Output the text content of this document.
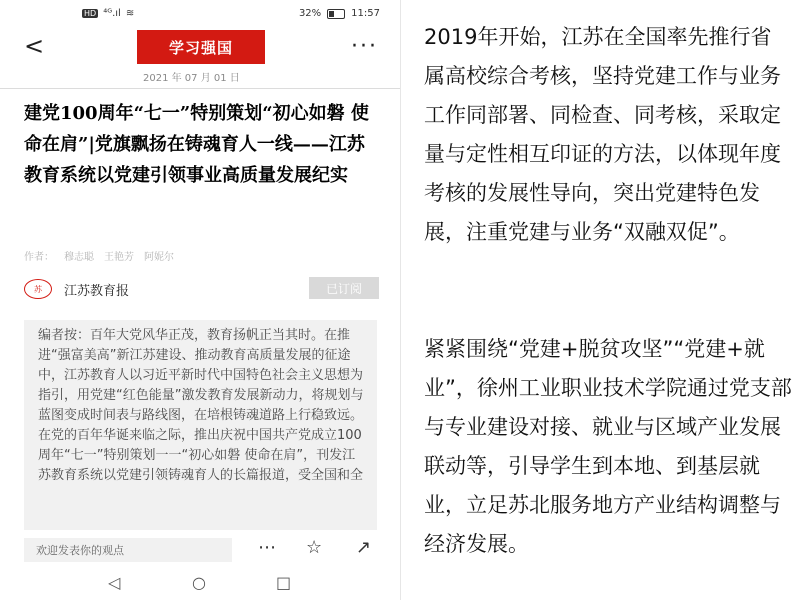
HD ⁴ᴳ.ıl ≋	32%	11:57
<	学习强国	···
2021 年 07 月 01 日
建党100周年“七一”特别策划“初心如磐 使命在肩”|党旗飘扬在铸魂育人一线——江苏教育系统以党建引领事业高质量发展纪实
作者： 穆志聪 王艳芳 阿妮尔
苏	江苏教育报	已订阅

编者按：百年大党风华正茂，教育扬帆正当其时。在推进“强富美高”新江苏建设、推动教育高质量发展的征途中，江苏教育人以习近平新时代中国特色社会主义思想为指引，用党建“红色能量”激发教育发展新动力，将规划与蓝图变成时间表与路线图，在培根铸魂道路上行稳致远。在党的百年华诞来临之际，推出庆祝中国共产党成立100周年“七一”特别策划一一“初心如磐 使命在肩”，刊发江苏教育系统以党建引领铸魂育人的长篇报道，受全国和全

欢迎发表你的观点	⋯ ☆ ↗
◁	○	□

2019年开始，江苏在全国率先推行省属高校综合考核，坚持党建工作与业务工作同部署、同检查、同考核，采取定量与定性相互印证的方法，以体现年度考核的发展性导向，突出党建特色发展，注重党建与业务“双融双促”。

紧紧围绕“党建+脱贫攻坚”“党建+就业”，徐州工业职业技术学院通过党支部与专业建设对接、就业与区域产业发展联动等，引导学生到本地、到基层就业，立足苏北服务地方产业结构调整与经济发展。
